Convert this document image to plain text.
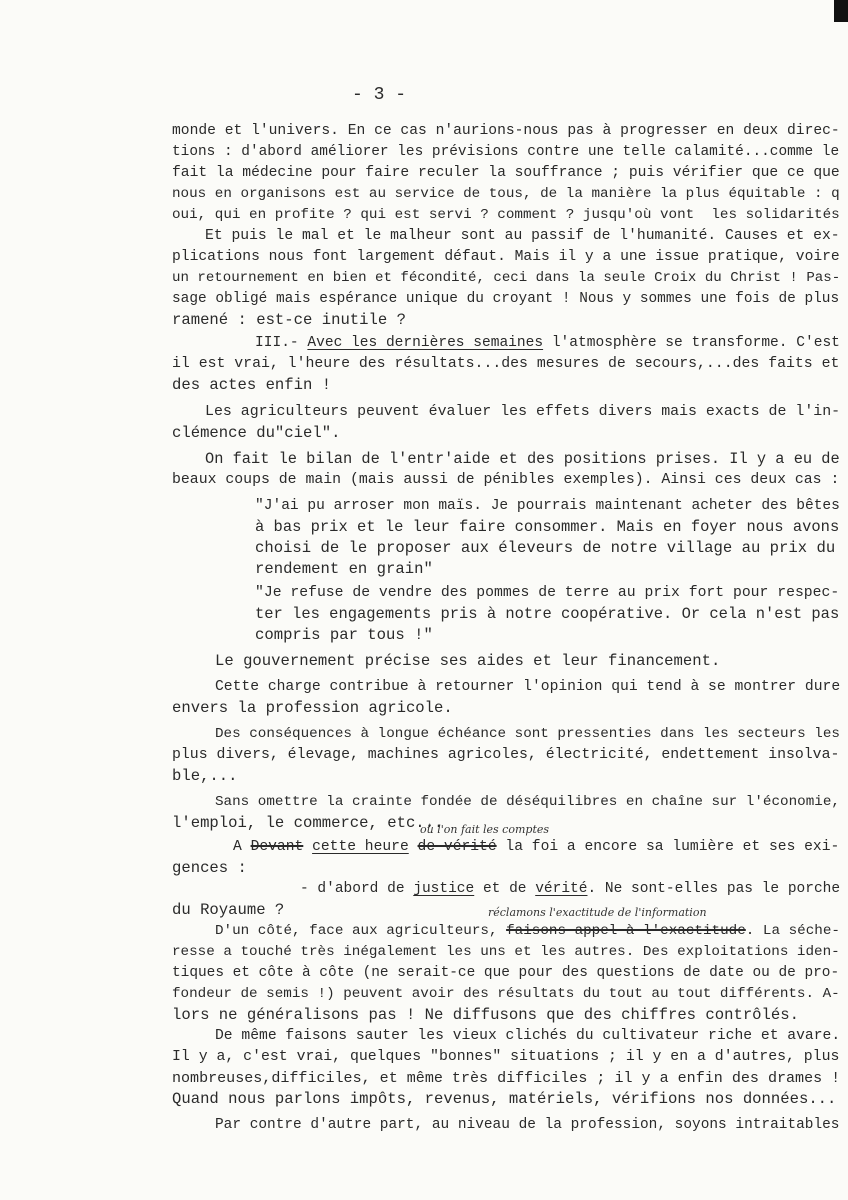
- 3 -
monde et l'univers. En ce cas n'aurions-nous pas à progresser en deux direc-
tions : d'abord améliorer les prévisions contre une telle calamité...comme le
fait la médecine pour faire reculer la souffrance ; puis vérifier que ce que
nous en organisons est au service de tous, de la manière la plus équitable : q
oui, qui en profite ? qui est servi ? comment ? jusqu'où vont  les solidarités
Et puis le mal et le malheur sont au passif de l'humanité. Causes et ex-
plications nous font largement défaut. Mais il y a une issue pratique, voire
un retournement en bien et fécondité, ceci dans la seule Croix du Christ ! Pas-
sage obligé mais espérance unique du croyant ! Nous y sommes une fois de plus
ramené : est-ce inutile ?
III.- Avec les dernières semaines l'atmosphère se transforme. C'est
il est vrai, l'heure des résultats...des mesures de secours,...des faits et
des actes enfin !
Les agriculteurs peuvent évaluer les effets divers mais exacts de l'in-
clémence du"ciel".
On fait le bilan de l'entr'aide et des positions prises. Il y a eu de
beaux coups de main (mais aussi de pénibles exemples). Ainsi ces deux cas :
"J'ai pu arroser mon maïs. Je pourrais maintenant acheter des bêtes
à bas prix et le leur faire consommer. Mais en foyer nous avons
choisi de le proposer aux éleveurs de notre village au prix du
rendement en grain"
"Je refuse de vendre des pommes de terre au prix fort pour respec-
ter les engagements pris à notre coopérative. Or cela n'est pas
compris par tous !"
Le gouvernement précise ses aides et leur financement.
Cette charge contribue à retourner l'opinion qui tend à se montrer dure
envers la profession agricole.
Des conséquences à longue échéance sont pressenties dans les secteurs les
plus divers, élevage, machines agricoles, électricité, endettement insolva-
ble,...
Sans omettre la crainte fondée de déséquilibres en chaîne sur l'économie,
l'emploi, le commerce, etc...
où l'on fait les comptes
A Devant cette heure de vérité la foi a encore sa lumière et ses exi-
gences :
- d'abord de justice et de vérité. Ne sont-elles pas le porche
du Royaume ?	réclamons l'exactitude de l'information
D'un côté, face aux agriculteurs, faisons appel à l'exactitude. La séche-
resse a touché très inégalement les uns et les autres. Des exploitations iden-
tiques et côte à côte (ne serait-ce que pour des questions de date ou de pro-
fondeur de semis !) peuvent avoir des résultats du tout au tout différents. A-
lors ne généralisons pas ! Ne diffusons que des chiffres contrôlés.
De même faisons sauter les vieux clichés du cultivateur riche et avare.
Il y a, c'est vrai, quelques "bonnes" situations ; il y en a d'autres, plus
nombreuses,difficiles, et même très difficiles ; il y a enfin des drames !
Quand nous parlons impôts, revenus, matériels, vérifions nos données...
Par contre d'autre part, au niveau de la profession, soyons intraitables
